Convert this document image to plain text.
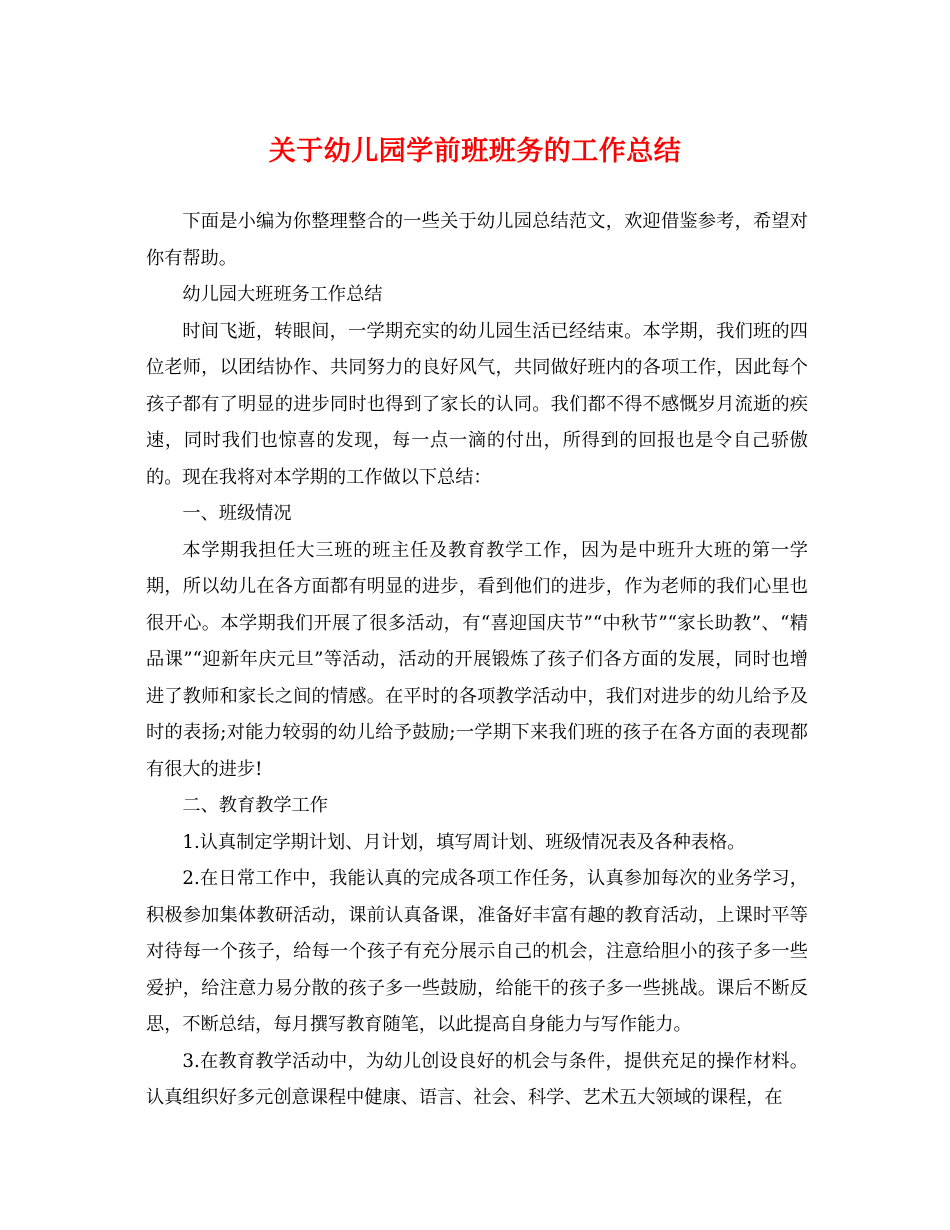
关于幼儿园学前班班务的工作总结

下面是小编为你整理整合的一些关于幼儿园总结范文，欢迎借鉴参考，希望对你有帮助。

幼儿园大班班务工作总结

时间飞逝，转眼间，一学期充实的幼儿园生活已经结束。本学期，我们班的四位老师，以团结协作、共同努力的良好风气，共同做好班内的各项工作，因此每个孩子都有了明显的进步同时也得到了家长的认同。我们都不得不感慨岁月流逝的疾速，同时我们也惊喜的发现，每一点一滴的付出，所得到的回报也是令自己骄傲的。现在我将对本学期的工作做以下总结：

一、班级情况

本学期我担任大三班的班主任及教育教学工作，因为是中班升大班的第一学期，所以幼儿在各方面都有明显的进步，看到他们的进步，作为老师的我们心里也很开心。本学期我们开展了很多活动，有“喜迎国庆节”“中秋节”“家长助教”、“精品课”“迎新年庆元旦”等活动，活动的开展锻炼了孩子们各方面的发展，同时也增进了教师和家长之间的情感。在平时的各项教学活动中，我们对进步的幼儿给予及时的表扬;对能力较弱的幼儿给予鼓励;一学期下来我们班的孩子在各方面的表现都有很大的进步!

二、教育教学工作

1.认真制定学期计划、月计划，填写周计划、班级情况表及各种表格。

2.在日常工作中，我能认真的完成各项工作任务，认真参加每次的业务学习，积极参加集体教研活动，课前认真备课，准备好丰富有趣的教育活动，上课时平等对待每一个孩子，给每一个孩子有充分展示自己的机会，注意给胆小的孩子多一些爱护，给注意力易分散的孩子多一些鼓励，给能干的孩子多一些挑战。课后不断反思，不断总结，每月撰写教育随笔，以此提高自身能力与写作能力。

3.在教育教学活动中，为幼儿创设良好的机会与条件，提供充足的操作材料。认真组织好多元创意课程中健康、语言、社会、科学、艺术五大领域的课程，在
